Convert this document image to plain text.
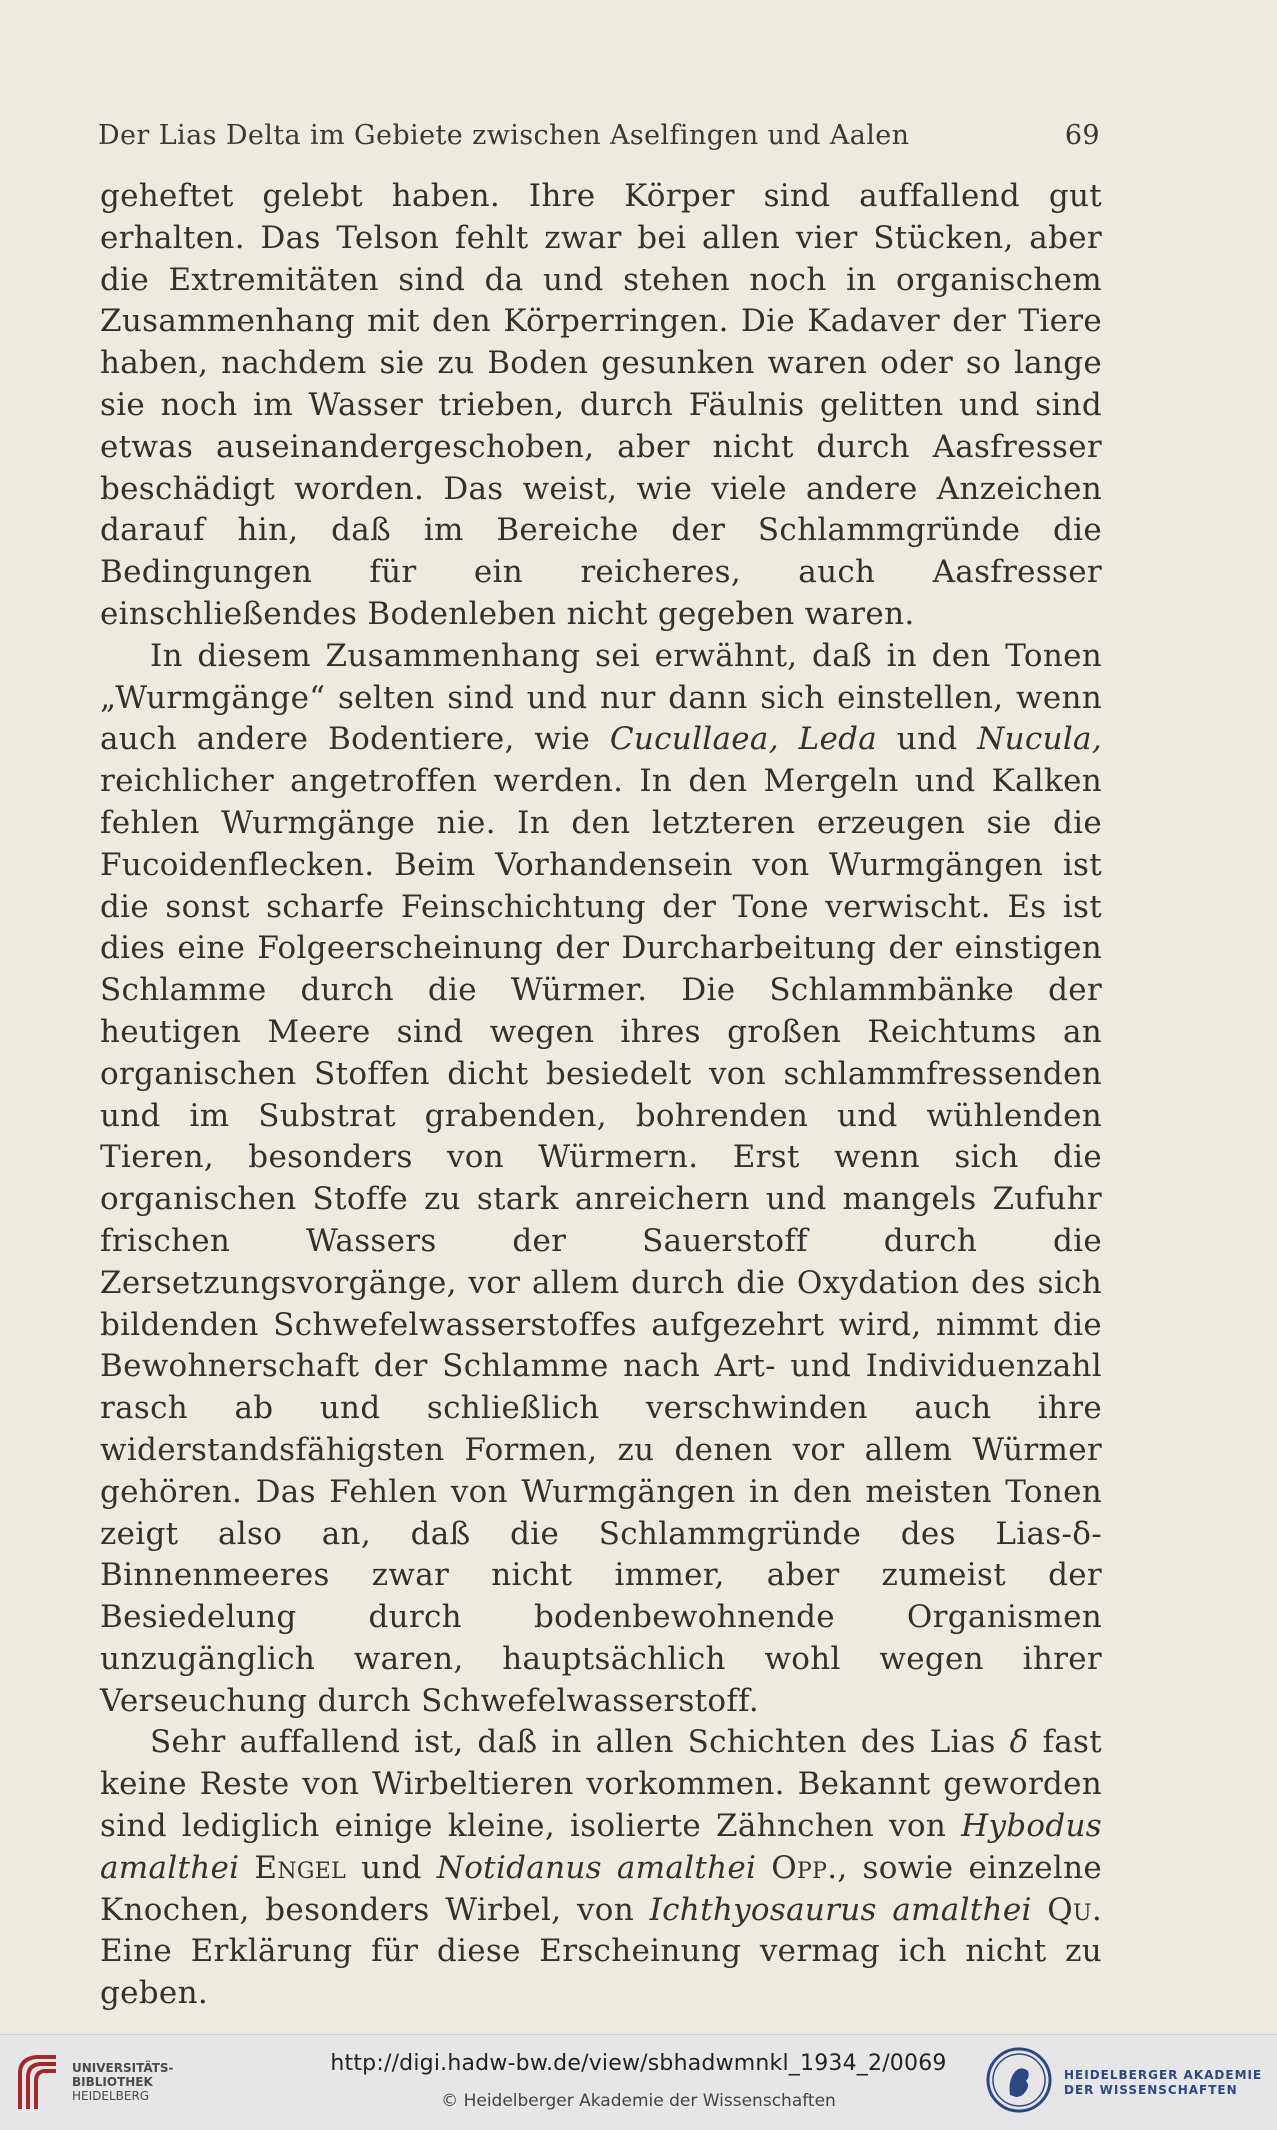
Der Lias Delta im Gebiete zwischen Aselfingen und Aalen	69

geheftet gelebt haben. Ihre Körper sind auffallend gut erhalten. Das Telson fehlt zwar bei allen vier Stücken, aber die Extremitäten sind da und stehen noch in organischem Zusammenhang mit den Körperringen. Die Kadaver der Tiere haben, nachdem sie zu Boden gesunken waren oder so lange sie noch im Wasser trieben, durch Fäulnis gelitten und sind etwas auseinandergeschoben, aber nicht durch Aasfresser beschädigt worden. Das weist, wie viele andere Anzeichen darauf hin, daß im Bereiche der Schlammgründe die Bedingungen für ein reicheres, auch Aasfresser einschließendes Bodenleben nicht gegeben waren.

In diesem Zusammenhang sei erwähnt, daß in den Tonen „Wurmgänge“ selten sind und nur dann sich einstellen, wenn auch andere Bodentiere, wie Cucullaea, Leda und Nucula, reichlicher angetroffen werden. In den Mergeln und Kalken fehlen Wurmgänge nie. In den letzteren erzeugen sie die Fucoidenflecken. Beim Vorhandensein von Wurmgängen ist die sonst scharfe Feinschichtung der Tone verwischt. Es ist dies eine Folgeerscheinung der Durcharbeitung der einstigen Schlamme durch die Würmer. Die Schlammbänke der heutigen Meere sind wegen ihres großen Reichtums an organischen Stoffen dicht besiedelt von schlammfressenden und im Substrat grabenden, bohrenden und wühlenden Tieren, besonders von Würmern. Erst wenn sich die organischen Stoffe zu stark anreichern und mangels Zufuhr frischen Wassers der Sauerstoff durch die Zersetzungsvorgänge, vor allem durch die Oxydation des sich bildenden Schwefelwasserstoffes aufgezehrt wird, nimmt die Bewohnerschaft der Schlamme nach Art- und Individuenzahl rasch ab und schließlich verschwinden auch ihre widerstandsfähigsten Formen, zu denen vor allem Würmer gehören. Das Fehlen von Wurmgängen in den meisten Tonen zeigt also an, daß die Schlammgründe des Lias-δ-Binnenmeeres zwar nicht immer, aber zumeist der Besiedelung durch bodenbewohnende Organismen unzugänglich waren, hauptsächlich wohl wegen ihrer Verseuchung durch Schwefelwasserstoff.

Sehr auffallend ist, daß in allen Schichten des Lias δ fast keine Reste von Wirbeltieren vorkommen. Bekannt geworden sind lediglich einige kleine, isolierte Zähnchen von Hybodus amalthei Engel und Notidanus amalthei Opp., sowie einzelne Knochen, besonders Wirbel, von Ichthyosaurus amalthei Qu. Eine Erklärung für diese Erscheinung vermag ich nicht zu geben.

UNIVERSITÄTS-
BIBLIOTHEK
HEIDELBERG
http://digi.hadw-bw.de/view/sbhadwmnkl_1934_2/0069
© Heidelberger Akademie der Wissenschaften
HEIDELBERGER AKADEMIE
DER WISSENSCHAFTEN
